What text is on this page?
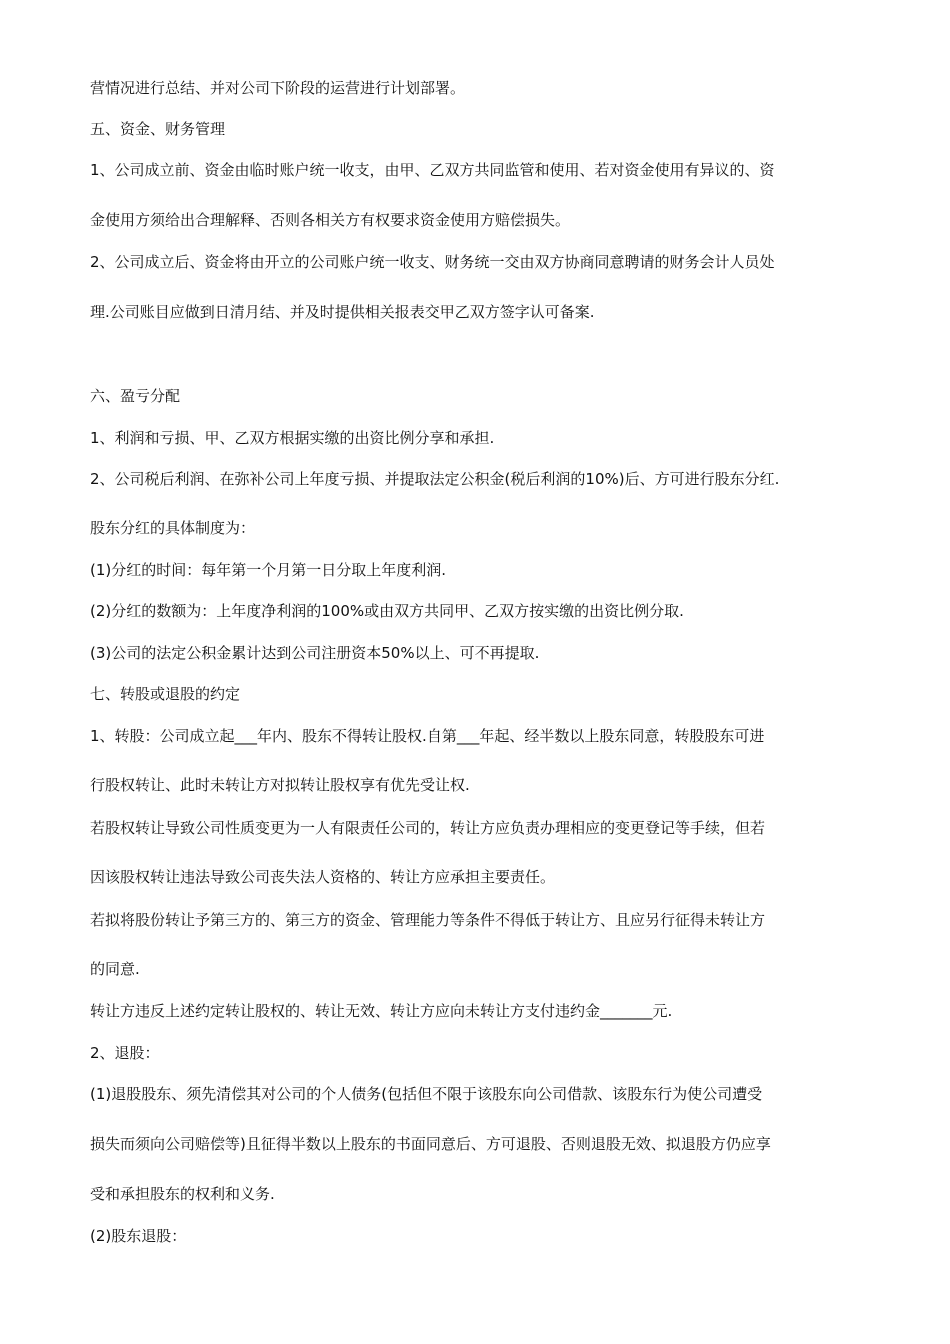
营情况进行总结、并对公司下阶段的运营进行计划部署。

五、资金、财务管理

1、公司成立前、资金由临时账户统一收支，由甲、乙双方共同监管和使用、若对资金使用有异议的、资

金使用方须给出合理解释、否则各相关方有权要求资金使用方赔偿损失。

2、公司成立后、资金将由开立的公司账户统一收支、财务统一交由双方协商同意聘请的财务会计人员处

理.公司账目应做到日清月结、并及时提供相关报表交甲乙双方签字认可备案.

六、盈亏分配

1、利润和亏损、甲、乙双方根据实缴的出资比例分享和承担.

2、公司税后利润、在弥补公司上年度亏损、并提取法定公积金(税后利润的10%)后、方可进行股东分红.

股东分红的具体制度为：

(1)分红的时间：每年第一个月第一日分取上年度利润.

(2)分红的数额为：上年度净利润的100%或由双方共同甲、乙双方按实缴的出资比例分取.

(3)公司的法定公积金累计达到公司注册资本50%以上、可不再提取.

七、转股或退股的约定

1、转股：公司成立起___年内、股东不得转让股权.自第___年起、经半数以上股东同意，转股股东可进

行股权转让、此时未转让方对拟转让股权享有优先受让权.

若股权转让导致公司性质变更为一人有限责任公司的，转让方应负责办理相应的变更登记等手续，但若

因该股权转让违法导致公司丧失法人资格的、转让方应承担主要责任。

若拟将股份转让予第三方的、第三方的资金、管理能力等条件不得低于转让方、且应另行征得未转让方

的同意.

转让方违反上述约定转让股权的、转让无效、转让方应向未转让方支付违约金_______元.

2、退股：

(1)退股股东、须先清偿其对公司的个人债务(包括但不限于该股东向公司借款、该股东行为使公司遭受

损失而须向公司赔偿等)且征得半数以上股东的书面同意后、方可退股、否则退股无效、拟退股方仍应享

受和承担股东的权利和义务.

(2)股东退股：
